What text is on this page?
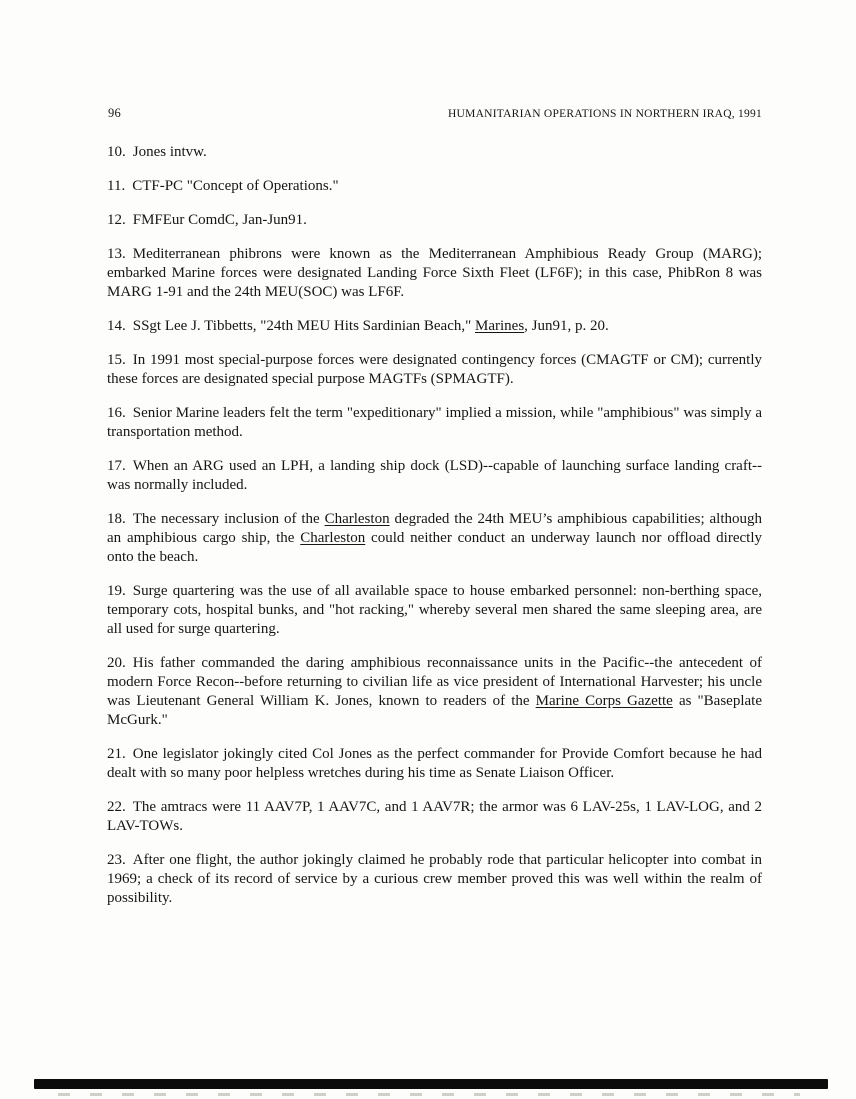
96	HUMANITARIAN OPERATIONS IN NORTHERN IRAQ, 1991

10. Jones intvw.

11. CTF-PC "Concept of Operations."

12. FMFEur ComdC, Jan-Jun91.

13. Mediterranean phibrons were known as the Mediterranean Amphibious Ready Group (MARG); embarked Marine forces were designated Landing Force Sixth Fleet (LF6F); in this case, PhibRon 8 was MARG 1-91 and the 24th MEU(SOC) was LF6F.

14. SSgt Lee J. Tibbetts, "24th MEU Hits Sardinian Beach," Marines, Jun91, p. 20.

15. In 1991 most special-purpose forces were designated contingency forces (CMAGTF or CM); currently these forces are designated special purpose MAGTFs (SPMAGTF).

16. Senior Marine leaders felt the term "expeditionary" implied a mission, while "amphibious" was simply a transportation method.

17. When an ARG used an LPH, a landing ship dock (LSD)--capable of launching surface landing craft--was normally included.

18. The necessary inclusion of the Charleston degraded the 24th MEU’s amphibious capabilities; although an amphibious cargo ship, the Charleston could neither conduct an underway launch nor offload directly onto the beach.

19. Surge quartering was the use of all available space to house embarked personnel: non-berthing space, temporary cots, hospital bunks, and "hot racking," whereby several men shared the same sleeping area, are all used for surge quartering.

20. His father commanded the daring amphibious reconnaissance units in the Pacific--the antecedent of modern Force Recon--before returning to civilian life as vice president of International Harvester; his uncle was Lieutenant General William K. Jones, known to readers of the Marine Corps Gazette as "Baseplate McGurk."

21. One legislator jokingly cited Col Jones as the perfect commander for Provide Comfort because he had dealt with so many poor helpless wretches during his time as Senate Liaison Officer.

22. The amtracs were 11 AAV7P, 1 AAV7C, and 1 AAV7R; the armor was 6 LAV-25s, 1 LAV-LOG, and 2 LAV-TOWs.

23. After one flight, the author jokingly claimed he probably rode that particular helicopter into combat in 1969; a check of its record of service by a curious crew member proved this was well within the realm of possibility.
